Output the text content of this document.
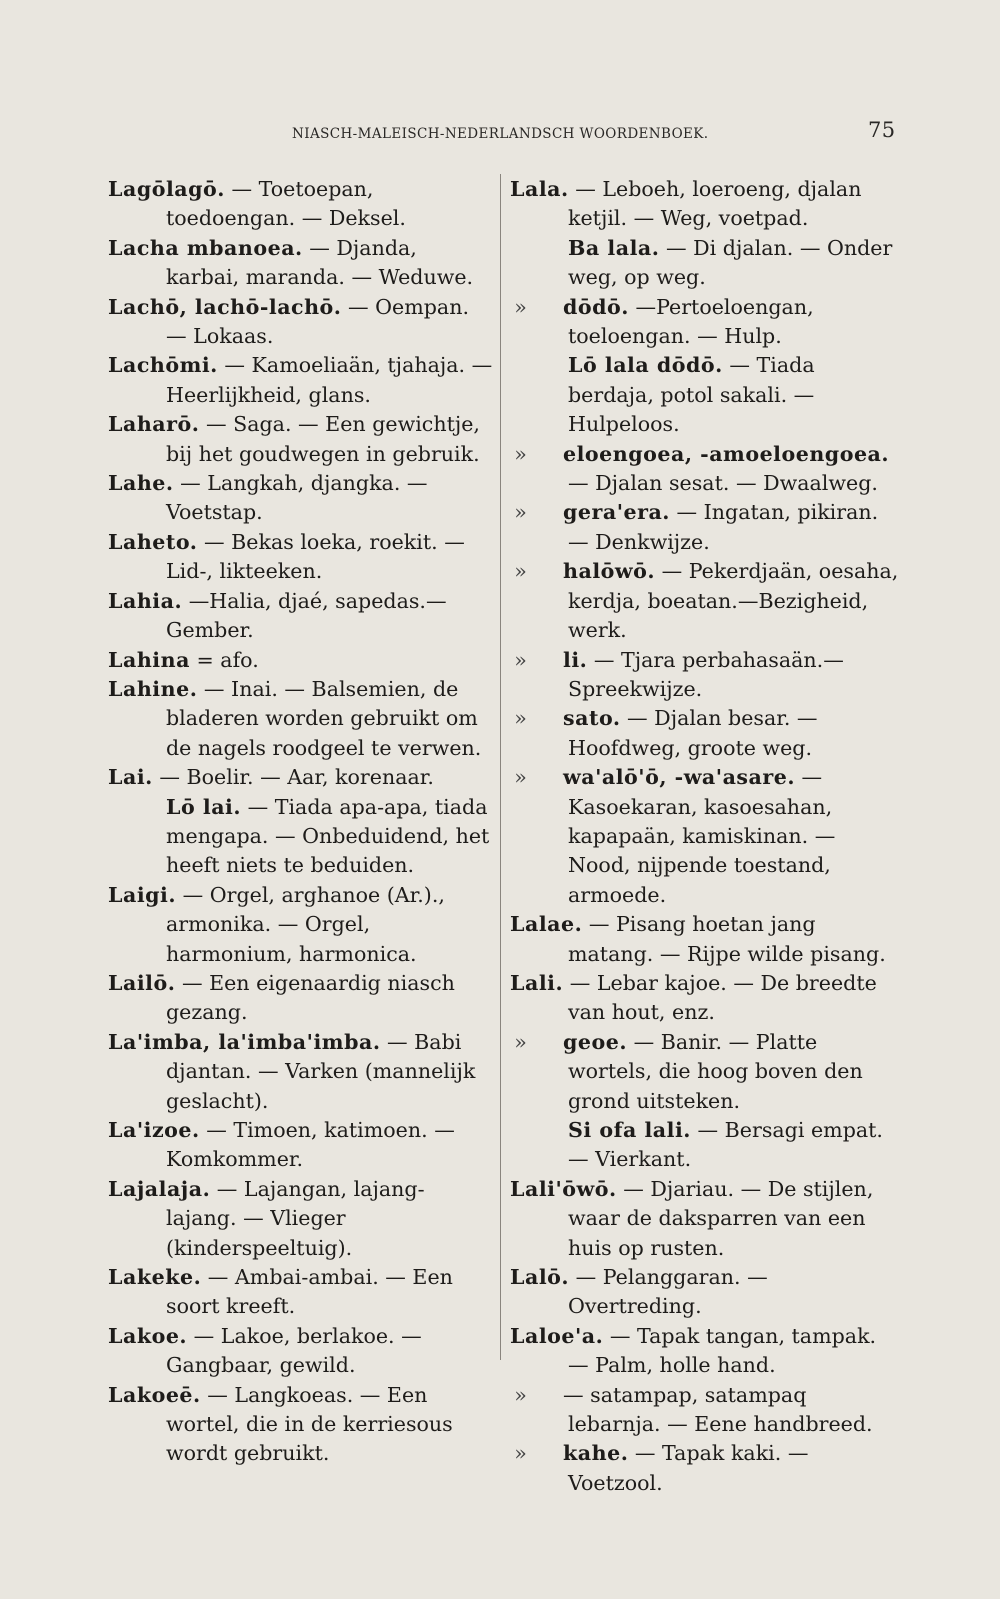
NIASCH-MALEISCH-NEDERLANDSCH WOORDENBOEK.	75

Lagōlagō. — Toetoepan, toedoengan. — Deksel.

Lacha mbanoea. — Djanda, karbai, maranda. — Weduwe.

Lachō, lachō-lachō. — Oempan. — Lokaas.

Lachōmi. — Kamoeliaän, tjahaja. — Heerlijkheid, glans.

Laharō. — Saga. — Een gewichtje, bij het goudwegen in gebruik.

Lahe. — Langkah, djangka. — Voetstap.

Laheto. — Bekas loeka, roekit. — Lid-, likteeken.

Lahia. —Halia, djaé, sapedas.—Gember.

Lahina = afo.

Lahine. — Inai. — Balsemien, de bladeren worden gebruikt om de nagels roodgeel te verwen.

Lai. — Boelir. — Aar, korenaar.

Lō lai. — Tiada apa-apa, tiada mengapa. — Onbeduidend, het heeft niets te beduiden.

Laigi. — Orgel, arghanoe (Ar.)., armonika. — Orgel, harmonium, harmonica.

Lailō. — Een eigenaardig niasch gezang.

La'imba, la'imba'imba. — Babi djantan. — Varken (mannelijk geslacht).

La'izoe. — Timoen, katimoen. — Komkommer.

Lajalaja. — Lajangan, lajang-lajang. — Vlieger (kinderspeeltuig).

Lakeke. — Ambai-ambai. — Een soort kreeft.

Lakoe. — Lakoe, berlakoe. — Gangbaar, gewild.

Lakoeē. — Langkoeas. — Een wortel, die in de kerriesous wordt gebruikt.

Lala. — Leboeh, loeroeng, djalan ketjil. — Weg, voetpad.

Ba lala. — Di djalan. — Onder weg, op weg.

» dōdō. —Pertoeloengan, toeloengan. — Hulp.

Lō lala dōdō. — Tiada berdaja, potol sakali. — Hulpeloos.

» eloengoea, -amoeloengoea. — Djalan sesat. — Dwaalweg.

» gera'era. — Ingatan, pikiran. — Denkwijze.

» halōwō. — Pekerdjaän, oesaha, kerdja, boeatan.—Bezigheid, werk.

» li. — Tjara perbahasaän.—Spreekwijze.

» sato. — Djalan besar. — Hoofdweg, groote weg.

» wa'alō'ō, -wa'asare. — Kasoekaran, kasoesahan, kapapaän, kamiskinan. — Nood, nijpende toestand, armoede.

Lalae. — Pisang hoetan jang matang. — Rijpe wilde pisang.

Lali. — Lebar kajoe. — De breedte van hout, enz.

» geoe. — Banir. — Platte wortels, die hoog boven den grond uitsteken.

Si ofa lali. — Bersagi empat. — Vierkant.

Lali'ōwō. — Djariau. — De stijlen, waar de daksparren van een huis op rusten.

Lalō. — Pelanggaran. — Overtreding.

Laloe'a. — Tapak tangan, tampak. — Palm, holle hand.

» — satampap, satampaq lebarnja. — Eene handbreed.

» kahe. — Tapak kaki. — Voetzool.
